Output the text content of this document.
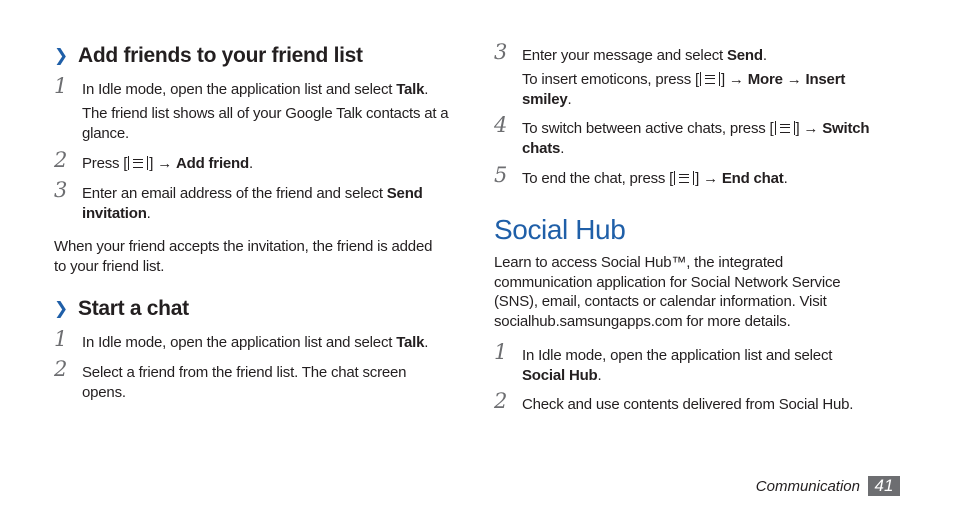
❯ Add friends to your friend list
1 In Idle mode, open the application list and select Talk.
The friend list shows all of your Google Talk contacts at a glance.
2 Press [ ] → Add friend.
3 Enter an email address of the friend and select Send invitation.

When your friend accepts the invitation, the friend is added to your friend list.

❯ Start a chat
1 In Idle mode, open the application list and select Talk.
2 Select a friend from the friend list. The chat screen opens.
3 Enter your message and select Send.
To insert emoticons, press [ ] → More → Insert smiley.
4 To switch between active chats, press [ ] → Switch chats.
5 To end the chat, press [ ] → End chat.
Social Hub

Learn to access Social Hub™, the integrated communication application for Social Network Service (SNS), email, contacts or calendar information. Visit socialhub.samsungapps.com for more details.

1 In Idle mode, open the application list and select Social Hub.
2 Check and use contents delivered from Social Hub.
Communication 41
